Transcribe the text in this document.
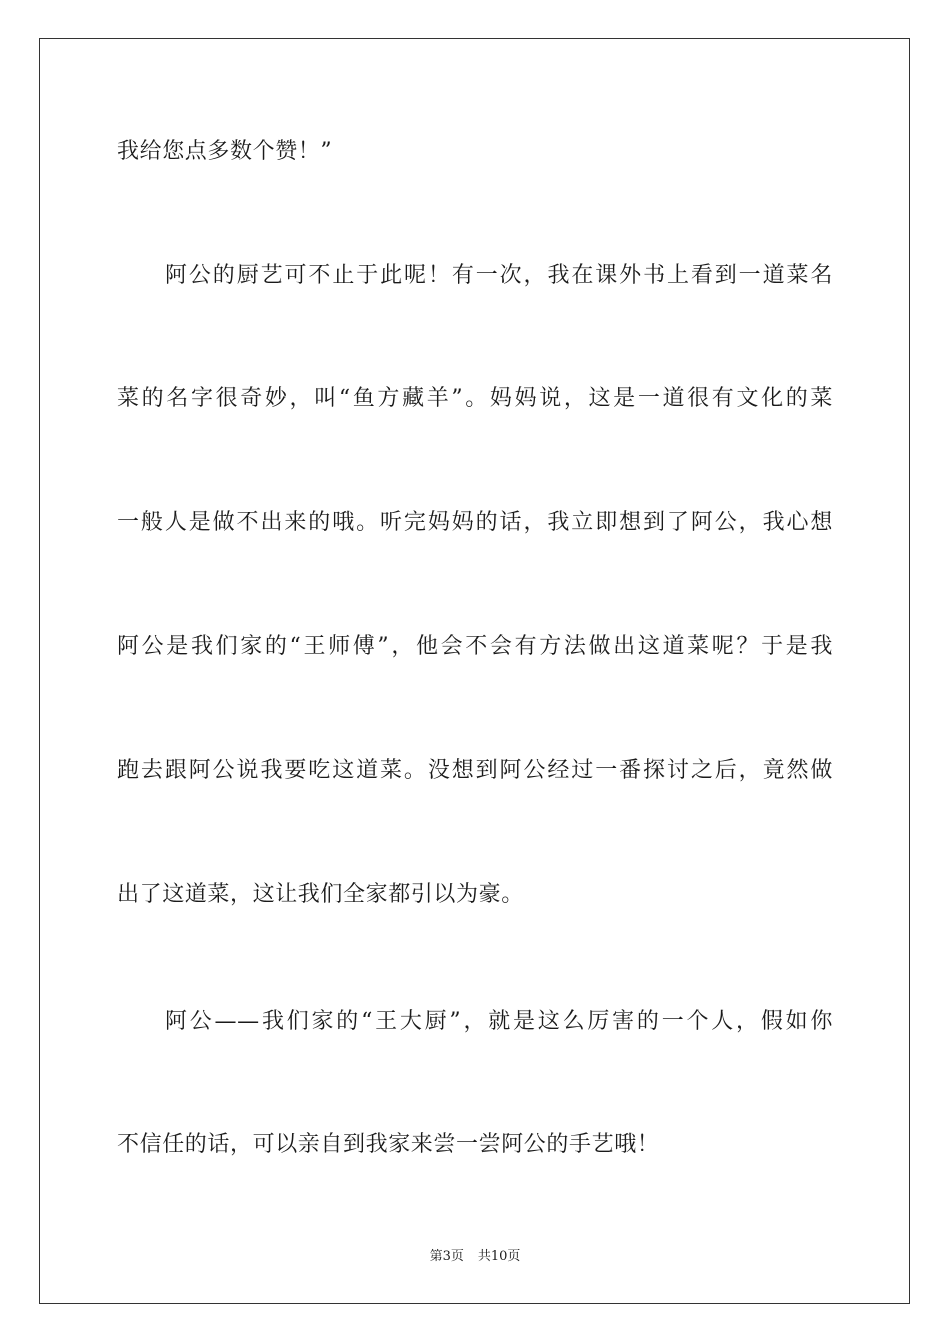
我给您点多数个赞！”
阿公的厨艺可不止于此呢！有一次，我在课外书上看到一道菜名
菜的名字很奇妙，叫“鱼方藏羊”。妈妈说，这是一道很有文化的菜
一般人是做不出来的哦。听完妈妈的话，我立即想到了阿公，我心想
阿公是我们家的“王师傅”，他会不会有方法做出这道菜呢？于是我
跑去跟阿公说我要吃这道菜。没想到阿公经过一番探讨之后，竟然做
出了这道菜，这让我们全家都引以为豪。
阿公——我们家的“王大厨”，就是这么厉害的一个人，假如你
不信任的话，可以亲自到我家来尝一尝阿公的手艺哦！
第3页 共10页
